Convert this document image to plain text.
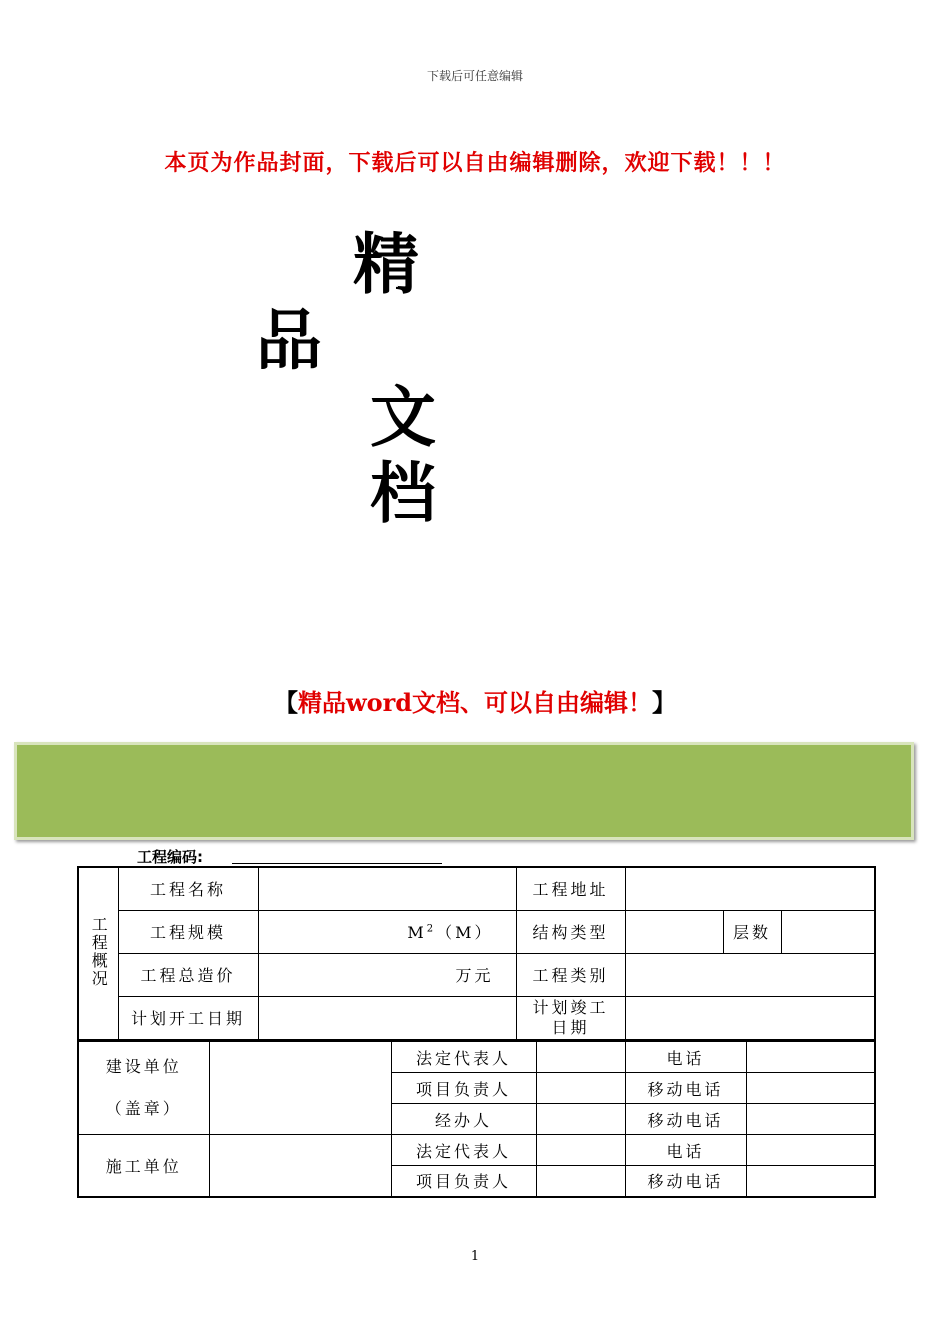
下载后可任意编辑
本页为作品封面，下载后可以自由编辑删除，欢迎下载！！！
精
品
文
档
【精品word文档、可以自由编辑！】
工程编码:
工程概况	工程名称		工程地址			
	工程规模	$M^2(M)$	结构类型		层数	
	工程总造价	万元	工程类别			
	计划开工日期		计划竣工日期			
建设单位
（盖章）		法定代表人		电话	
		项目负责人		移动电话	
		经办人		移动电话	
施工单位		法定代表人		电话	
		项目负责人		移动电话	
1
